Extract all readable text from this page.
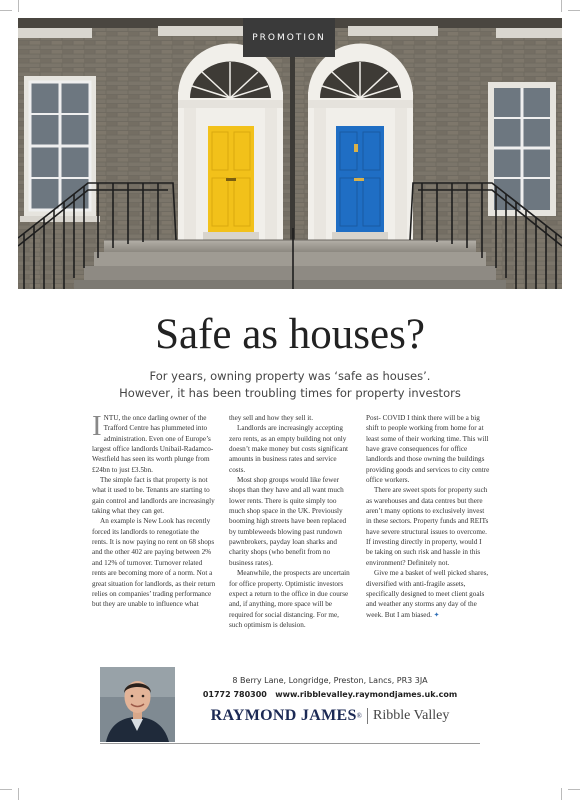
PROMOTION
Safe as houses?

For years, owning property was ‘safe as houses’.
However, it has been troubling times for property investors

INTU, the once darling owner of the Trafford Centre has plummeted into administration. Even one of Europe’s largest office landlords Unibail-Radamco-Westfield has seen its worth plunge from £24bn to just £3.5bn.

The simple fact is that property is not what it used to be. Tenants are starting to gain control and landlords are increasingly taking what they can get.

An example is New Look has recently forced its landlords to renegotiate the rents. It is now paying no rent on 68 shops and the other 402 are paying between 2% and 12% of turnover. Turnover related rents are becoming more of a norm. Not a great situation for landlords, as their return relies on companies’ trading performance but they are unable to influence what

they sell and how they sell it.

Landlords are increasingly accepting zero rents, as an empty building not only doesn’t make money but costs significant amounts in business rates and service costs.

Most shop groups would like fewer shops than they have and all want much lower rents. There is quite simply too much shop space in the UK. Previously booming high streets have been replaced by tumbleweeds blowing past rundown pawnbrokers, payday loan sharks and charity shops (who benefit from no business rates).

Meanwhile, the prospects are uncertain for office property. Optimistic investors expect a return to the office in due course and, if anything, more space will be required for social distancing. For me, such optimism is delusion.

Post- COVID I think there will be a big shift to people working from home for at least some of their working time. This will have grave consequences for office landlords and those owning the buildings providing goods and services to city centre office workers.

There are sweet spots for property such as warehouses and data centres but there aren’t many options to exclusively invest in these sectors. Property funds and REITs have severe structural issues to overcome. If investing directly in property, would I be taking on such risk and hassle in this environment? Definitely not.

Give me a basket of well picked shares, diversified with anti-fragile assets, specifically designed to meet client goals and weather any storms any day of the week. But I am biased. ✦

8 Berry Lane, Longridge, Preston, Lancs, PR3 3JA

01772 780300 www.ribblevalley.raymondjames.uk.com

RAYMOND JAMES ® Ribble Valley
